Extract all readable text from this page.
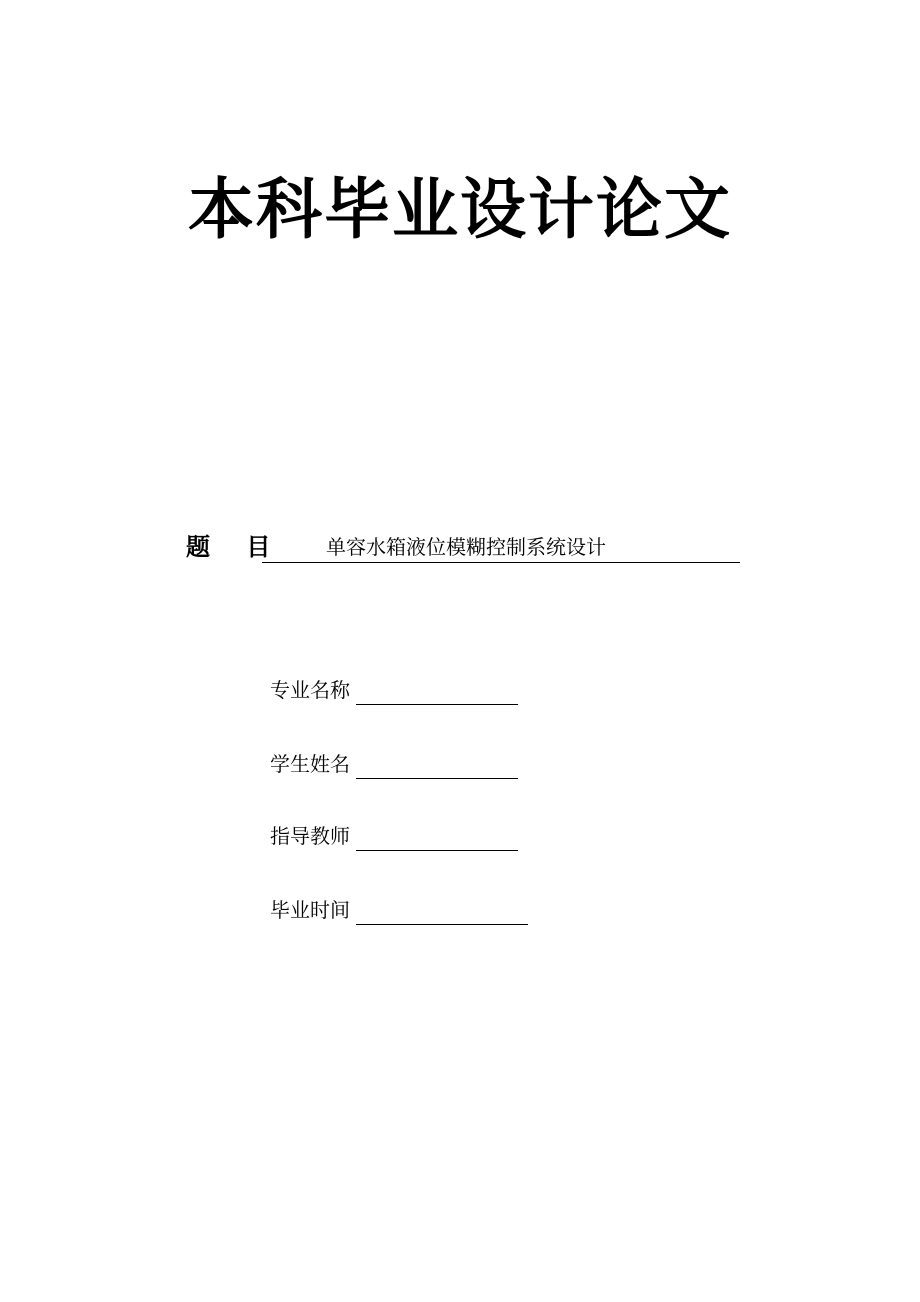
本科毕业设计论文
题 目 单容水箱液位模糊控制系统设计
专业名称
学生姓名
指导教师
毕业时间
